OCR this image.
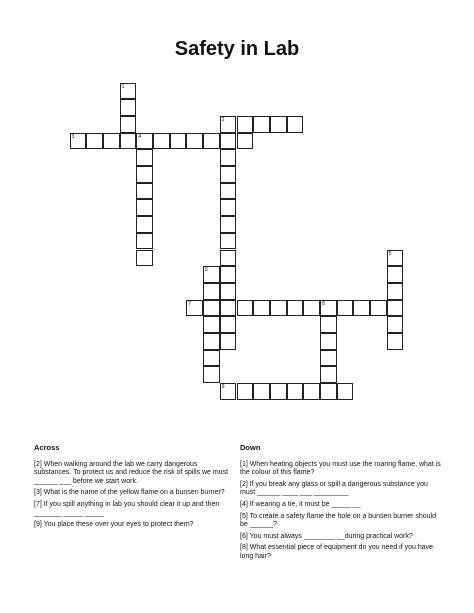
Safety in Lab
1
2
3	4
5
6
7	8
9
Across
[2] When walking around the lab we carry dangerous substances. To protect us and reduce the risk of spills we must ______ ___ before we start work.
[3] What is the name of the yellow flame on a bunsen burner?
[7] If you spill anything in lab you should clear it up and then _______ _____ _____
[9] You place these over your eyes to protect them?
Down
[1] When heating objects you must use the roaring flame, what is the colour of this flame?
[2] If you break any glass or spill a dangerous substance you must ______ ____ ___ _________
[4] If wearing a tie, it must be _____ __
[5] To create a safety flame the hole on a bunsen burner should be ______?
[6] You must always ________ __during practical work?
[8] What essential piece of equipment do you need if you have long hair?
